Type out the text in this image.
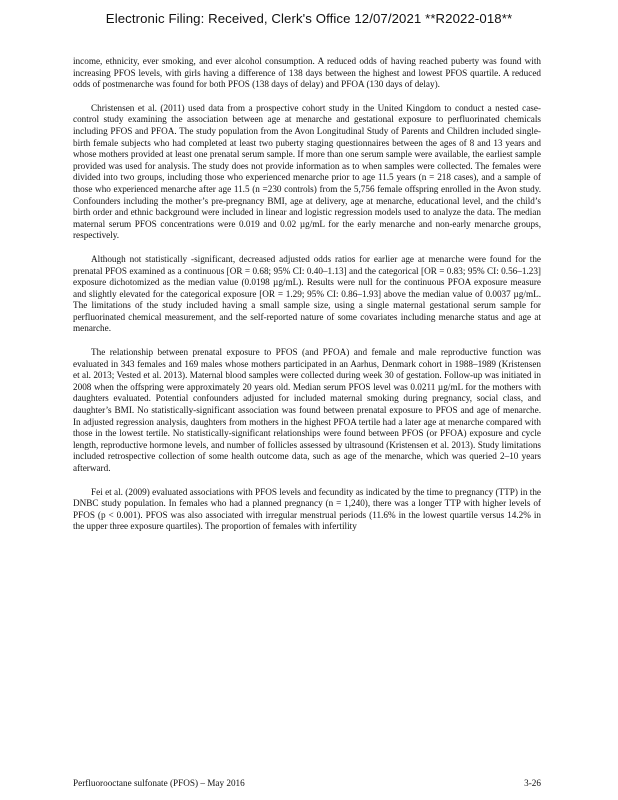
Electronic Filing: Received, Clerk's Office 12/07/2021 **R2022-018**

income, ethnicity, ever smoking, and ever alcohol consumption. A reduced odds of having reached puberty was found with increasing PFOS levels, with girls having a difference of 138 days between the highest and lowest PFOS quartile. A reduced odds of postmenarche was found for both PFOS (138 days of delay) and PFOA (130 days of delay).

Christensen et al. (2011) used data from a prospective cohort study in the United Kingdom to conduct a nested case-control study examining the association between age at menarche and gestational exposure to perfluorinated chemicals including PFOS and PFOA. The study population from the Avon Longitudinal Study of Parents and Children included single-birth female subjects who had completed at least two puberty staging questionnaires between the ages of 8 and 13 years and whose mothers provided at least one prenatal serum sample. If more than one serum sample were available, the earliest sample provided was used for analysis. The study does not provide information as to when samples were collected. The females were divided into two groups, including those who experienced menarche prior to age 11.5 years (n = 218 cases), and a sample of those who experienced menarche after age 11.5 (n =230 controls) from the 5,756 female offspring enrolled in the Avon study. Confounders including the mother’s pre-pregnancy BMI, age at delivery, age at menarche, educational level, and the child’s birth order and ethnic background were included in linear and logistic regression models used to analyze the data. The median maternal serum PFOS concentrations were 0.019 and 0.02 µg/mL for the early menarche and non-early menarche groups, respectively.

Although not statistically -significant, decreased adjusted odds ratios for earlier age at menarche were found for the prenatal PFOS examined as a continuous [OR = 0.68; 95% CI: 0.40–1.13] and the categorical [OR = 0.83; 95% CI: 0.56–1.23] exposure dichotomized as the median value (0.0198 µg/mL). Results were null for the continuous PFOA exposure measure and slightly elevated for the categorical exposure [OR = 1.29; 95% CI: 0.86–1.93] above the median value of 0.0037 µg/mL. The limitations of the study included having a small sample size, using a single maternal gestational serum sample for perfluorinated chemical measurement, and the self-reported nature of some covariates including menarche status and age at menarche.

The relationship between prenatal exposure to PFOS (and PFOA) and female and male reproductive function was evaluated in 343 females and 169 males whose mothers participated in an Aarhus, Denmark cohort in 1988–1989 (Kristensen et al. 2013; Vested et al. 2013). Maternal blood samples were collected during week 30 of gestation. Follow-up was initiated in 2008 when the offspring were approximately 20 years old. Median serum PFOS level was 0.0211 µg/mL for the mothers with daughters evaluated. Potential confounders adjusted for included maternal smoking during pregnancy, social class, and daughter’s BMI. No statistically-significant association was found between prenatal exposure to PFOS and age of menarche. In adjusted regression analysis, daughters from mothers in the highest PFOA tertile had a later age at menarche compared with those in the lowest tertile. No statistically-significant relationships were found between PFOS (or PFOA) exposure and cycle length, reproductive hormone levels, and number of follicles assessed by ultrasound (Kristensen et al. 2013). Study limitations included retrospective collection of some health outcome data, such as age of the menarche, which was queried 2–10 years afterward.

Fei et al. (2009) evaluated associations with PFOS levels and fecundity as indicated by the time to pregnancy (TTP) in the DNBC study population. In females who had a planned pregnancy (n = 1,240), there was a longer TTP with higher levels of PFOS (p < 0.001). PFOS was also associated with irregular menstrual periods (11.6% in the lowest quartile versus 14.2% in the upper three exposure quartiles). The proportion of females with infertility

Perfluorooctane sulfonate (PFOS) – May 2016	3-26
